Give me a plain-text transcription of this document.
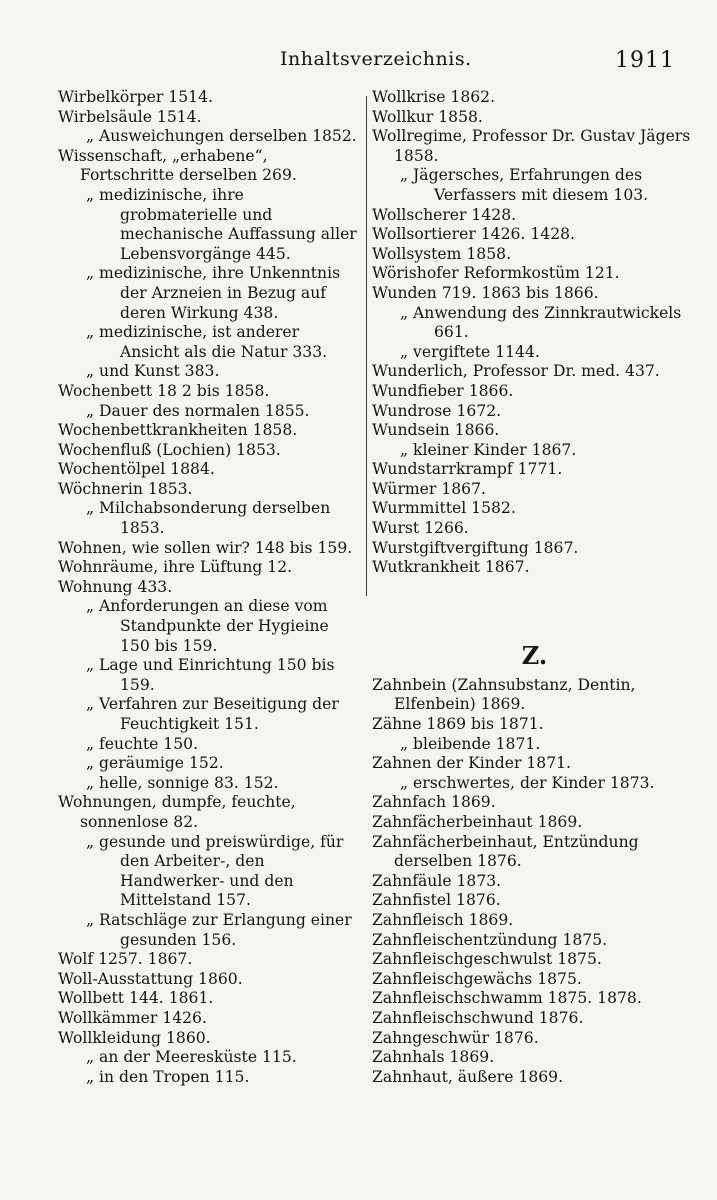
Inhaltsverzeichnis.	1911
Wirbelkörper 1514.
Wirbelsäule 1514.
„ Ausweichungen derselben 1852.
Wissenschaft, „erhabene“, Fortschritte derselben 269.
„ medizinische, ihre grobmaterielle und mechanische Auffassung aller Lebensvorgänge 445.
„ medizinische, ihre Unkenntnis der Arzneien in Bezug auf deren Wirkung 438.
„ medizinische, ist anderer Ansicht als die Natur 333.
„ und Kunst 383.
Wochenbett 18 2 bis 1858.
„ Dauer des normalen 1855.
Wochenbettkrankheiten 1858.
Wochenfluß (Lochien) 1853.
Wochentölpel 1884.
Wöchnerin 1853.
„ Milchabsonderung derselben 1853.
Wohnen, wie sollen wir? 148 bis 159.
Wohnräume, ihre Lüftung 12.
Wohnung 433.
„ Anforderungen an diese vom Standpunkte der Hygieine 150 bis 159.
„ Lage und Einrichtung 150 bis 159.
„ Verfahren zur Beseitigung der Feuchtigkeit 151.
„ feuchte 150.
„ geräumige 152.
„ helle, sonnige 83. 152.
Wohnungen, dumpfe, feuchte, sonnenlose 82.
„ gesunde und preiswürdige, für den Arbeiter-, den Handwerker- und den Mittelstand 157.
„ Ratschläge zur Erlangung einer gesunden 156.
Wolf 1257. 1867.
Woll-Ausstattung 1860.
Wollbett 144. 1861.
Wollkämmer 1426.
Wollkleidung 1860.
„ an der Meeresküste 115.
„ in den Tropen 115.
Wollkrise 1862.
Wollkur 1858.
Wollregime, Professor Dr. Gustav Jägers 1858.
„ Jägersches, Erfahrungen des Verfassers mit diesem 103.
Wollscherer 1428.
Wollsortierer 1426. 1428.
Wollsystem 1858.
Wörishofer Reformkostüm 121.
Wunden 719. 1863 bis 1866.
„ Anwendung des Zinnkrautwickels 661.
„ vergiftete 1144.
Wunderlich, Professor Dr. med. 437.
Wundfieber 1866.
Wundrose 1672.
Wundsein 1866.
„ kleiner Kinder 1867.
Wundstarrkrampf 1771.
Würmer 1867.
Wurmmittel 1582.
Wurst 1266.
Wurstgiftvergiftung 1867.
Wutkrankheit 1867.
Z.
Zahnbein (Zahnsubstanz, Dentin, Elfenbein) 1869.
Zähne 1869 bis 1871.
„ bleibende 1871.
Zahnen der Kinder 1871.
„ erschwertes, der Kinder 1873.
Zahnfach 1869.
Zahnfächerbeinhaut 1869.
Zahnfächerbeinhaut, Entzündung derselben 1876.
Zahnfäule 1873.
Zahnfistel 1876.
Zahnfleisch 1869.
Zahnfleischentzündung 1875.
Zahnfleischgeschwulst 1875.
Zahnfleischgewächs 1875.
Zahnfleischschwamm 1875. 1878.
Zahnfleischschwund 1876.
Zahngeschwür 1876.
Zahnhals 1869.
Zahnhaut, äußere 1869.
